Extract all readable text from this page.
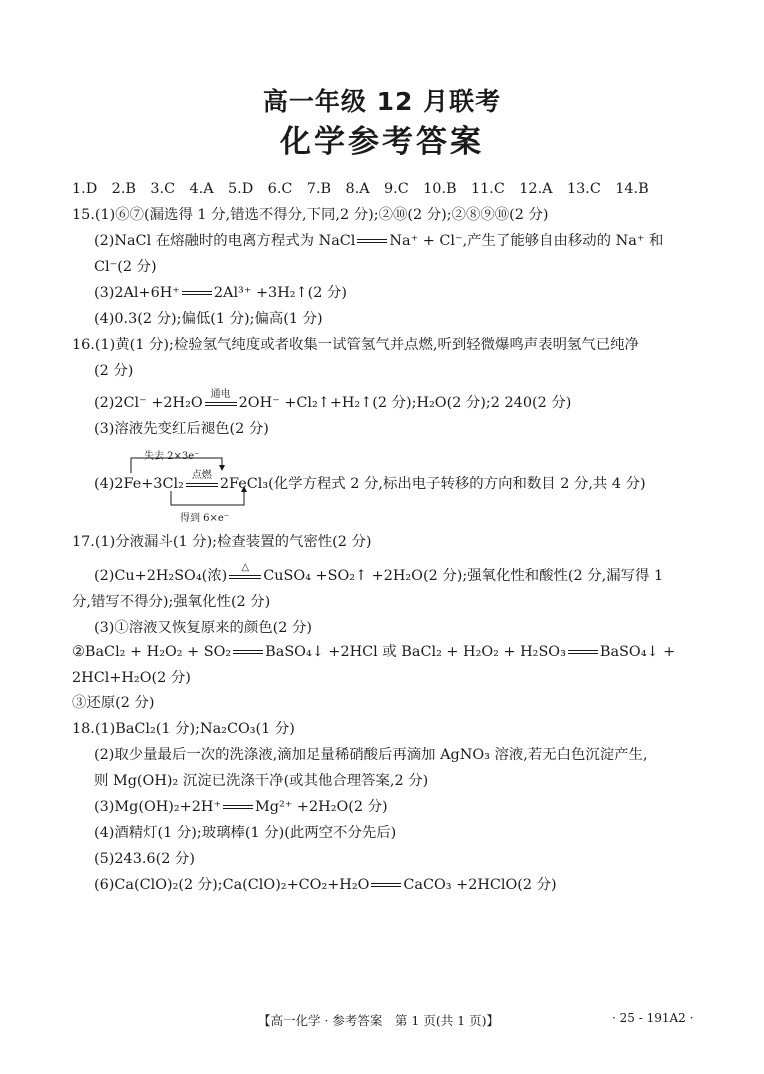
高一年级 12 月联考
化学参考答案
1.D　2.B　3.C　4.A　5.D　6.C　7.B　8.A　9.C　10.B　11.C　12.A　13.C　14.B
15.(1)⑥⑦(漏选得 1 分,错选不得分,下同,2 分);②⑩(2 分);②⑧⑨⑩(2 分)
(2)NaCl 在熔融时的电离方程式为 NaCl Na⁺ + Cl⁻,产生了能够自由移动的 Na⁺ 和
Cl⁻(2 分)
(3)2Al+6H⁺ 2Al³⁺ +3H₂↑(2 分)
(4)0.3(2 分);偏低(1 分);偏高(1 分)
16.(1)黄(1 分);检验氢气纯度或者收集一试管氢气并点燃,听到轻微爆鸣声表明氢气已纯净
(2 分)
(2)2Cl⁻ +2H₂O
通电
2OH⁻ +Cl₂↑+H₂↑(2 分);H₂O(2 分);2 240(2 分)
(3)溶液先变红后褪色(2 分)
失去 2×3e⁻
(4)2Fe+3Cl₂
点燃
2FeCl₃(化学方程式 2 分,标出电子转移的方向和数目 2 分,共 4 分)
得到 6×e⁻
17.(1)分液漏斗(1 分);检查装置的气密性(2 分)
(2)Cu+2H₂SO₄(浓)
△
CuSO₄ +SO₂↑ +2H₂O(2 分);强氧化性和酸性(2 分,漏写得 1
分,错写不得分);强氧化性(2 分)
(3)①溶液又恢复原来的颜色(2 分)
②BaCl₂ + H₂O₂ + SO₂ BaSO₄↓ +2HCl 或 BaCl₂ + H₂O₂ + H₂SO₃ BaSO₄↓ +
2HCl+H₂O(2 分)
③还原(2 分)
18.(1)BaCl₂(1 分);Na₂CO₃(1 分)
(2)取少量最后一次的洗涤液,滴加足量稀硝酸后再滴加 AgNO₃ 溶液,若无白色沉淀产生,
则 Mg(OH)₂ 沉淀已洗涤干净(或其他合理答案,2 分)
(3)Mg(OH)₂+2H⁺ Mg²⁺ +2H₂O(2 分)
(4)酒精灯(1 分);玻璃棒(1 分)(此两空不分先后)
(5)243.6(2 分)
(6)Ca(ClO)₂(2 分);Ca(ClO)₂+CO₂+H₂O CaCO₃ +2HClO(2 分)
【高一化学 · 参考答案　第 1 页(共 1 页)】	· 25 - 191A2 ·
